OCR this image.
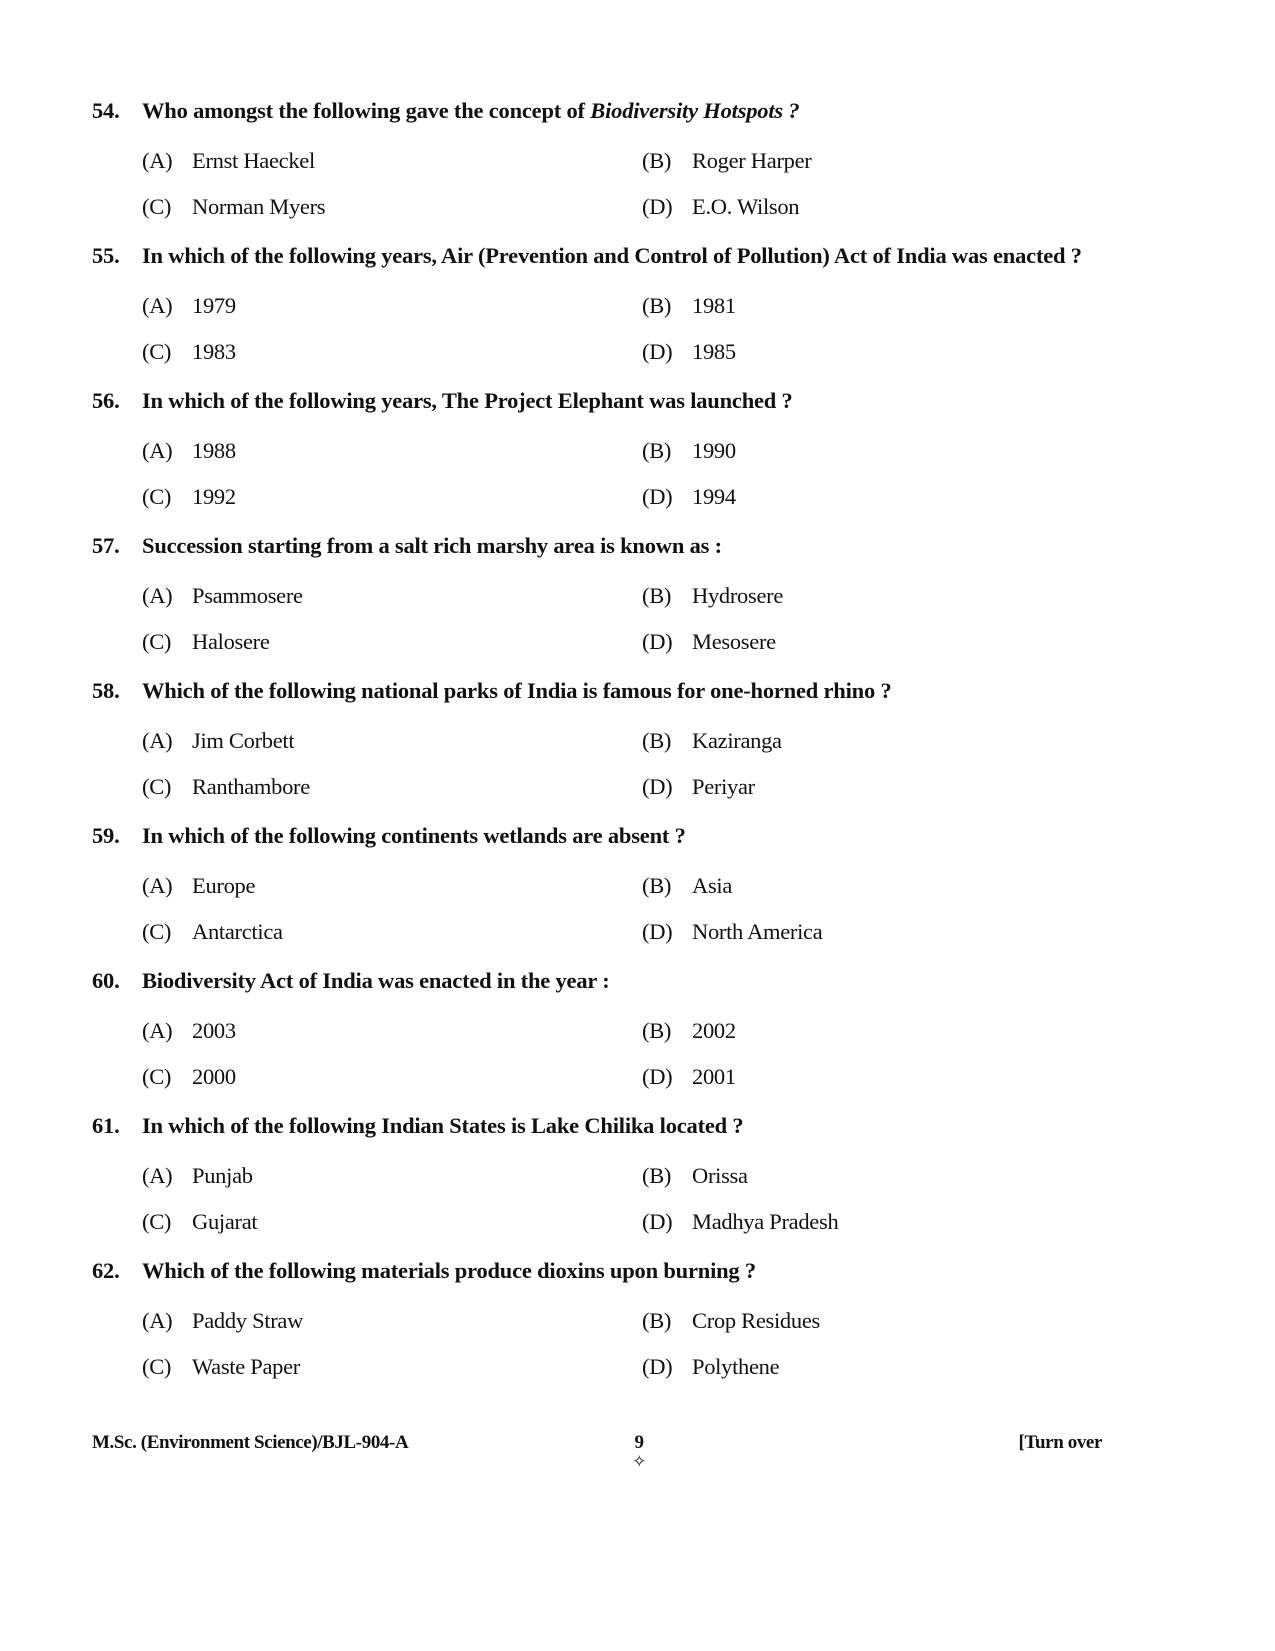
54. Who amongst the following gave the concept of Biodiversity Hotspots ?
(A) Ernst Haeckel	(B) Roger Harper
(C) Norman Myers	(D) E.O. Wilson
55. In which of the following years, Air (Prevention and Control of Pollution) Act of India was enacted ?
(A) 1979	(B) 1981
(C) 1983	(D) 1985
56. In which of the following years, The Project Elephant was launched ?
(A) 1988	(B) 1990
(C) 1992	(D) 1994
57. Succession starting from a salt rich marshy area is known as :
(A) Psammosere	(B) Hydrosere
(C) Halosere	(D) Mesosere
58. Which of the following national parks of India is famous for one-horned rhino ?
(A) Jim Corbett	(B) Kaziranga
(C) Ranthambore	(D) Periyar
59. In which of the following continents wetlands are absent ?
(A) Europe	(B) Asia
(C) Antarctica	(D) North America
60. Biodiversity Act of India was enacted in the year :
(A) 2003	(B) 2002
(C) 2000	(D) 2001
61. In which of the following Indian States is Lake Chilika located ?
(A) Punjab	(B) Orissa
(C) Gujarat	(D) Madhya Pradesh
62. Which of the following materials produce dioxins upon burning ?
(A) Paddy Straw	(B) Crop Residues
(C) Waste Paper	(D) Polythene
M.Sc. (Environment Science)/BJL-904-A	9
✧
[Turn over
